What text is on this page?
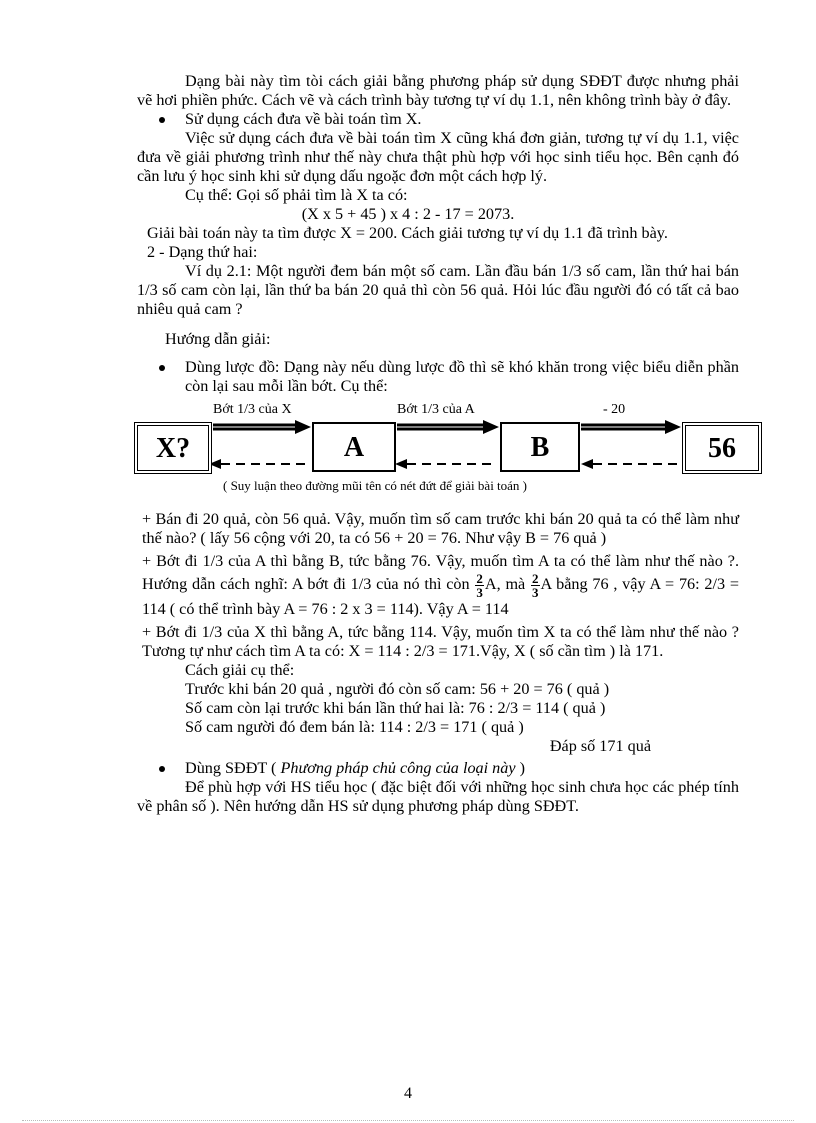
Dạng bài này tìm tòi cách giải bằng phương pháp sử dụng SĐĐT được nhưng phải vẽ hơi phiền phức. Cách vẽ và cách trình bày tương tự ví dụ 1.1, nên không trình bày ở đây.

Sử dụng cách đưa về bài toán tìm X.

Việc sử dụng cách đưa về bài toán tìm X cũng khá đơn giản, tương tự ví dụ 1.1, việc đưa về giải phương trình như thế này chưa thật phù hợp với học sinh tiểu học. Bên cạnh đó cần lưu ý học sinh khi sử dụng dấu ngoặc đơn một cách hợp lý.

Cụ thể: Gọi số phải tìm là X ta có:

(X x 5 + 45 ) x 4 : 2 - 17 = 2073.

Giải bài toán này ta tìm được X = 200. Cách giải tương tự ví dụ 1.1 đã trình bày.

2 - Dạng thứ hai:

Ví dụ 2.1: Một người đem bán một số cam. Lần đầu bán 1/3 số cam, lần thứ hai bán 1/3 số cam còn lại, lần thứ ba bán 20 quả thì còn 56 quả. Hỏi lúc đầu người đó có tất cả bao nhiêu quả cam ?

Hướng dẫn giải:

Dùng lược đồ: Dạng này nếu dùng lược đồ thì sẽ khó khăn trong việc biểu diễn phần còn lại sau mỗi lần bớt. Cụ thể:
Bớt 1/3 của X	Bớt 1/3 của A	- 20
X?	A	B	56
( Suy luận theo đường mũi tên có nét đứt để giải bài toán )

+ Bán đi 20 quả, còn 56 quả. Vậy, muốn tìm số cam trước khi bán 20 quả ta có thể làm như thế nào? ( lấy 56 cộng với 20, ta có 56 + 20 = 76. Như vậy B = 76 quả )

+ Bớt đi 1/3 của A thì bằng B, tức bằng 76. Vậy, muốn tìm A ta có thể làm như thế nào ?. Hướng dẫn cách nghĩ: A bớt đi 1/3 của nó thì còn $\frac{2}{3} A$, mà $\frac{2}{3}$ A bằng 76 , vậy A = 76: 2/3 = 114 ( có thể trình bày A = 76 : 2 x 3 = 114). Vậy A = 114

+ Bớt đi 1/3 của X thì bằng A, tức bằng 114. Vậy, muốn tìm X ta có thể làm như thế nào ?Tương tự như cách tìm A ta có: X = 114 : 2/3 = 171.Vậy, X ( số cần tìm ) là 171.

Cách giải cụ thể:

Trước khi bán 20 quả , người đó còn số cam: 56 + 20 = 76 ( quả )

Số cam còn lại trước khi bán lần thứ hai là: 76 : 2/3 = 114 ( quả )

Số cam người đó đem bán là: 114 : 2/3 = 171 ( quả )

Đáp số 171 quả

Dùng SĐĐT ( Phương pháp chủ công của loại này )

Để phù hợp với HS tiểu học ( đặc biệt đối với những học sinh chưa học các phép tính về phân số ). Nên hướng dẫn HS sử dụng phương pháp dùng SĐĐT.

4
